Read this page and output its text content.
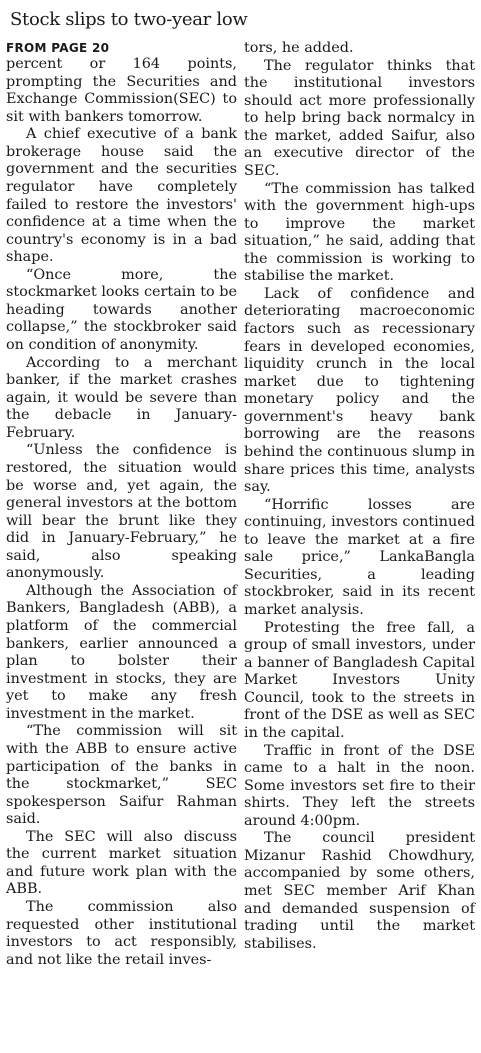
Stock slips to two-year low

FROM PAGE 20

percent or 164 points, prompting the Securities and Exchange Commission(SEC) to sit with bankers tomorrow.

A chief executive of a bank brokerage house said the government and the securities regulator have completely failed to restore the investors' confidence at a time when the country's economy is in a bad shape.

“Once more, the stockmarket looks certain to be heading towards another collapse,” the stockbroker said on condition of anonymity.

According to a merchant banker, if the market crashes again, it would be severe than the debacle in January-February.

“Unless the confidence is restored, the situation would be worse and, yet again, the general investors at the bottom will bear the brunt like they did in January-February,” he said, also speaking anonymously.

Although the Association of Bankers, Bangladesh (ABB), a platform of the commercial bankers, earlier announced a plan to bolster their investment in stocks, they are yet to make any fresh investment in the market.

“The commission will sit with the ABB to ensure active participation of the banks in the stockmarket,” SEC spokesperson Saifur Rahman said.

The SEC will also discuss the current market situation and future work plan with the ABB.

The commission also requested other institutional investors to act responsibly, and not like the retail inves-

tors, he added.

The regulator thinks that the institutional investors should act more professionally to help bring back normalcy in the market, added Saifur, also an executive director of the SEC.

“The commission has talked with the government high-ups to improve the market situation,” he said, adding that the commission is working to stabilise the market.

Lack of confidence and deteriorating macroeconomic factors such as recessionary fears in developed economies, liquidity crunch in the local market due to tightening monetary policy and the government's heavy bank borrowing are the reasons behind the continuous slump in share prices this time, analysts say.

“Horrific losses are continuing, investors continued to leave the market at a fire sale price,” LankaBangla Securities, a leading stockbroker, said in its recent market analysis.

Protesting the free fall, a group of small investors, under a banner of Bangladesh Capital Market Investors Unity Council, took to the streets in front of the DSE as well as SEC in the capital.

Traffic in front of the DSE came to a halt in the noon. Some investors set fire to their shirts. They left the streets around 4:00pm.

The council president Mizanur Rashid Chowdhury, accompanied by some others, met SEC member Arif Khan and demanded suspension of trading until the market stabilises.
